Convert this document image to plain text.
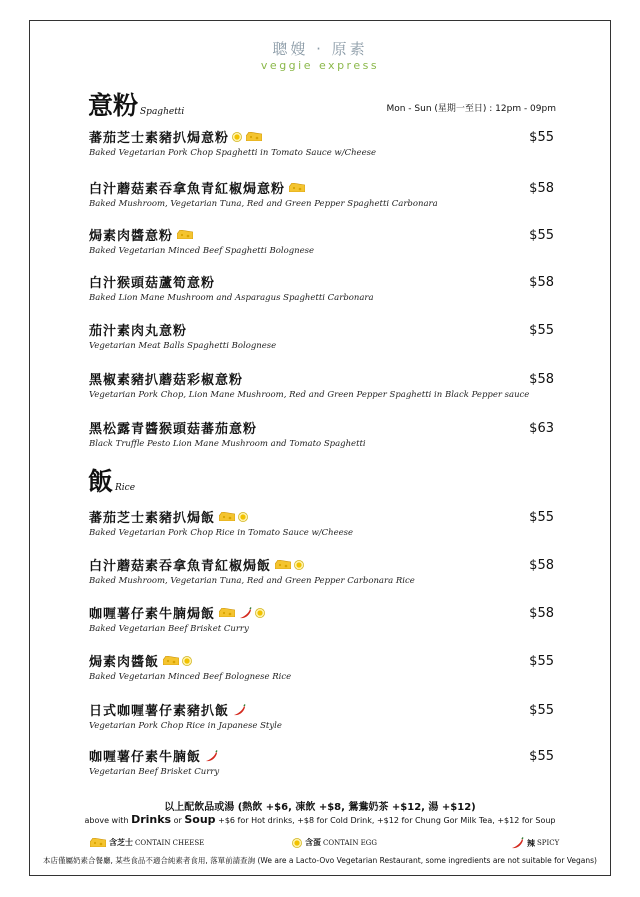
聰嫂 · 原素
veggie express
意粉 Spaghetti	Mon - Sun (星期一至日) : 12pm - 09pm
飯 Rice
蕃茄芝士素豬扒焗意粉
Baked Vegetarian Pork Chop Spaghetti in Tomato Sauce w/Cheese
$55
白汁蘑菇素吞拿魚青紅椒焗意粉
Baked Mushroom, Vegetarian Tuna, Red and Green Pepper Spaghetti Carbonara
$58
焗素肉醬意粉
Baked Vegetarian Minced Beef Spaghetti Bolognese
$55
白汁猴頭菇蘆筍意粉
Baked Lion Mane Mushroom and Asparagus Spaghetti Carbonara
$58
茄汁素肉丸意粉
Vegetarian Meat Balls Spaghetti Bolognese
$55
黑椒素豬扒蘑菇彩椒意粉
Vegetarian Pork Chop, Lion Mane Mushroom, Red and Green Pepper Spaghetti in Black Pepper sauce
$58
黑松露青醬猴頭菇蕃茄意粉
Black Truffle Pesto Lion Mane Mushroom and Tomato Spaghetti
$63
蕃茄芝士素豬扒焗飯
Baked Vegetarian Pork Chop Rice in Tomato Sauce w/Cheese
$55
白汁蘑菇素吞拿魚青紅椒焗飯
Baked Mushroom, Vegetarian Tuna, Red and Green Pepper Carbonara Rice
$58
咖喱薯仔素牛腩焗飯
Baked Vegetarian Beef Brisket Curry
$58
焗素肉醬飯
Baked Vegetarian Minced Beef Bolognese Rice
$55
日式咖喱薯仔素豬扒飯
Vegetarian Pork Chop Rice in Japanese Style
$55
咖喱薯仔素牛腩飯
Vegetarian Beef Brisket Curry
$55
以上配飲品或湯 (熱飲 +$6, 凍飲 +$8, 鴛鴦奶茶 +$12, 湯 +$12)
above with Drinks or Soup +$6 for Hot drinks, +$8 for Cold Drink, +$12 for Chung Gor Milk Tea, +$12 for Soup
含芝士 CONTAIN CHEESE	含蛋 CONTAIN EGG	辣 SPICY
本店僅屬奶素合餐廳, 某些食品不適合純素者食用, 落單前請查詢 (We are a Lacto-Ovo Vegetarian Restaurant, some ingredients are not suitable for Vegans)
